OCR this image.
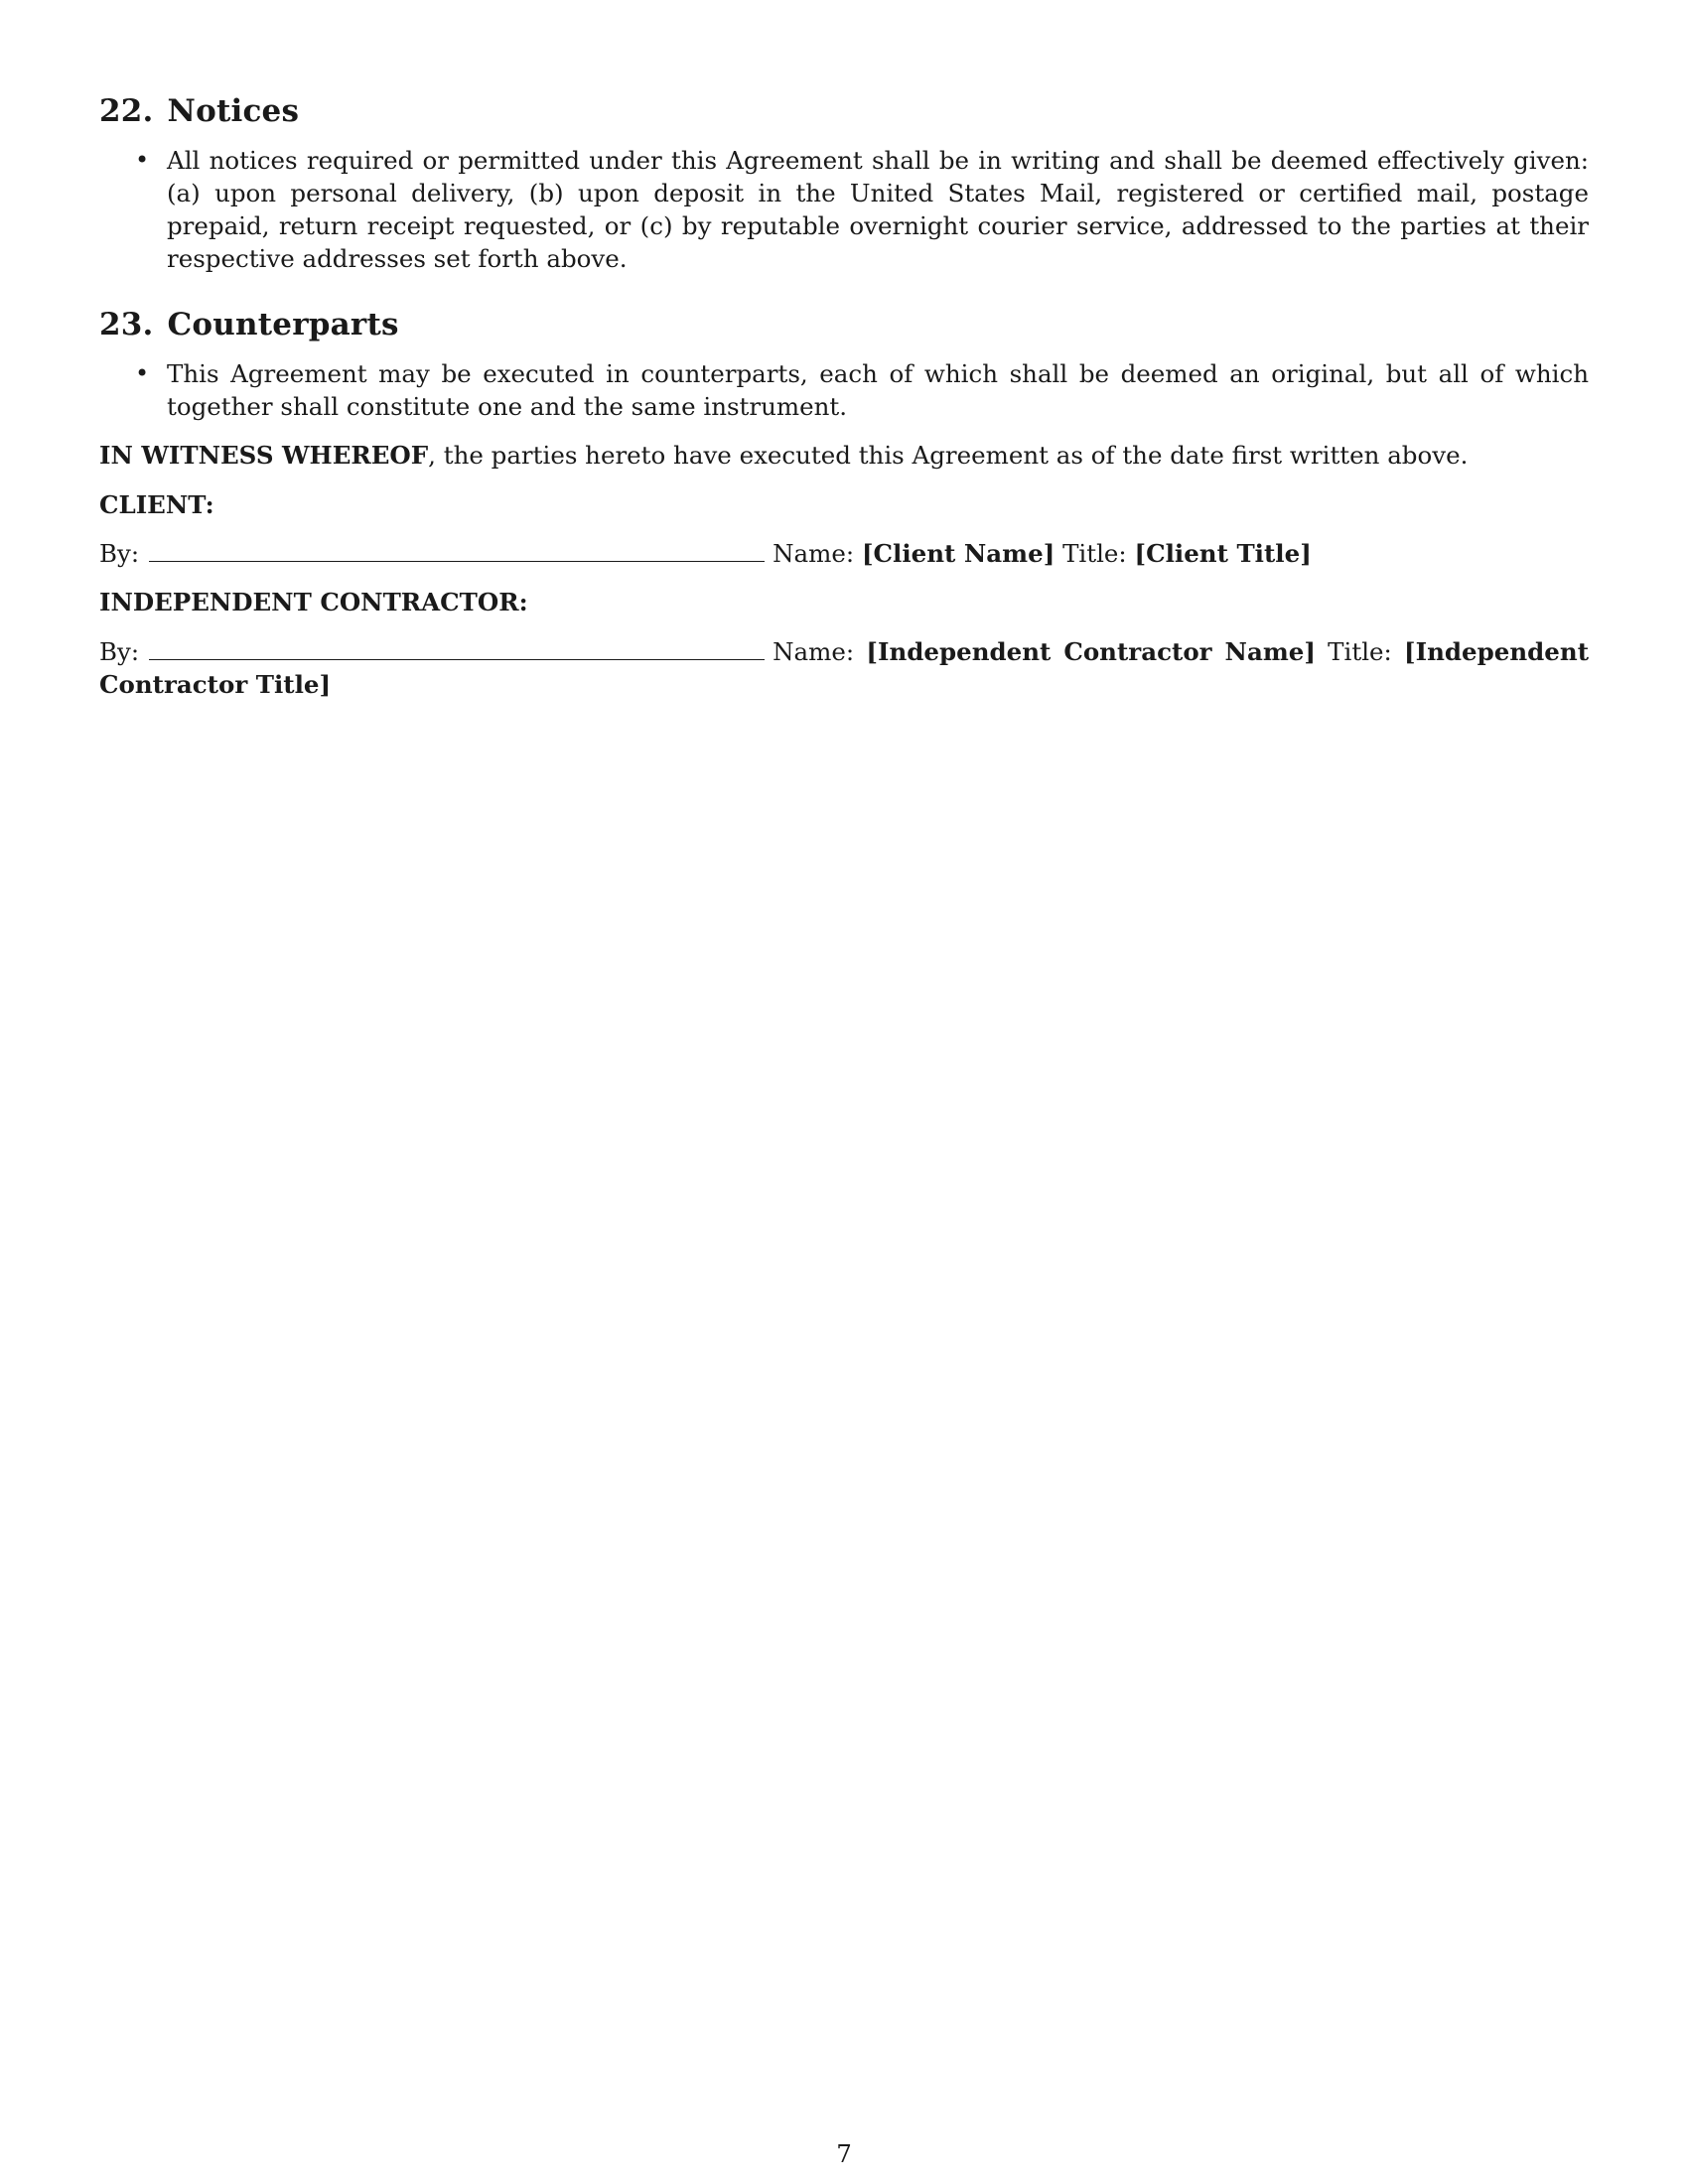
22. Notices
• All notices required or permitted under this Agreement shall be in writing and shall be deemed effectively given: (a) upon personal delivery, (b) upon deposit in the United States Mail, registered or certified mail, postage prepaid, return receipt requested, or (c) by reputable overnight courier service, addressed to the parties at their respective addresses set forth above.
23. Counterparts
• This Agreement may be executed in counterparts, each of which shall be deemed an original, but all of which together shall constitute one and the same instrument.

IN WITNESS WHEREOF, the parties hereto have executed this Agreement as of the date first written above.

CLIENT:

By:	Name: [Client Name] Title: [Client Title]

INDEPENDENT CONTRACTOR:

By:	Name: [Independent Contractor Name] Title: [Independent Contractor Title]

7
